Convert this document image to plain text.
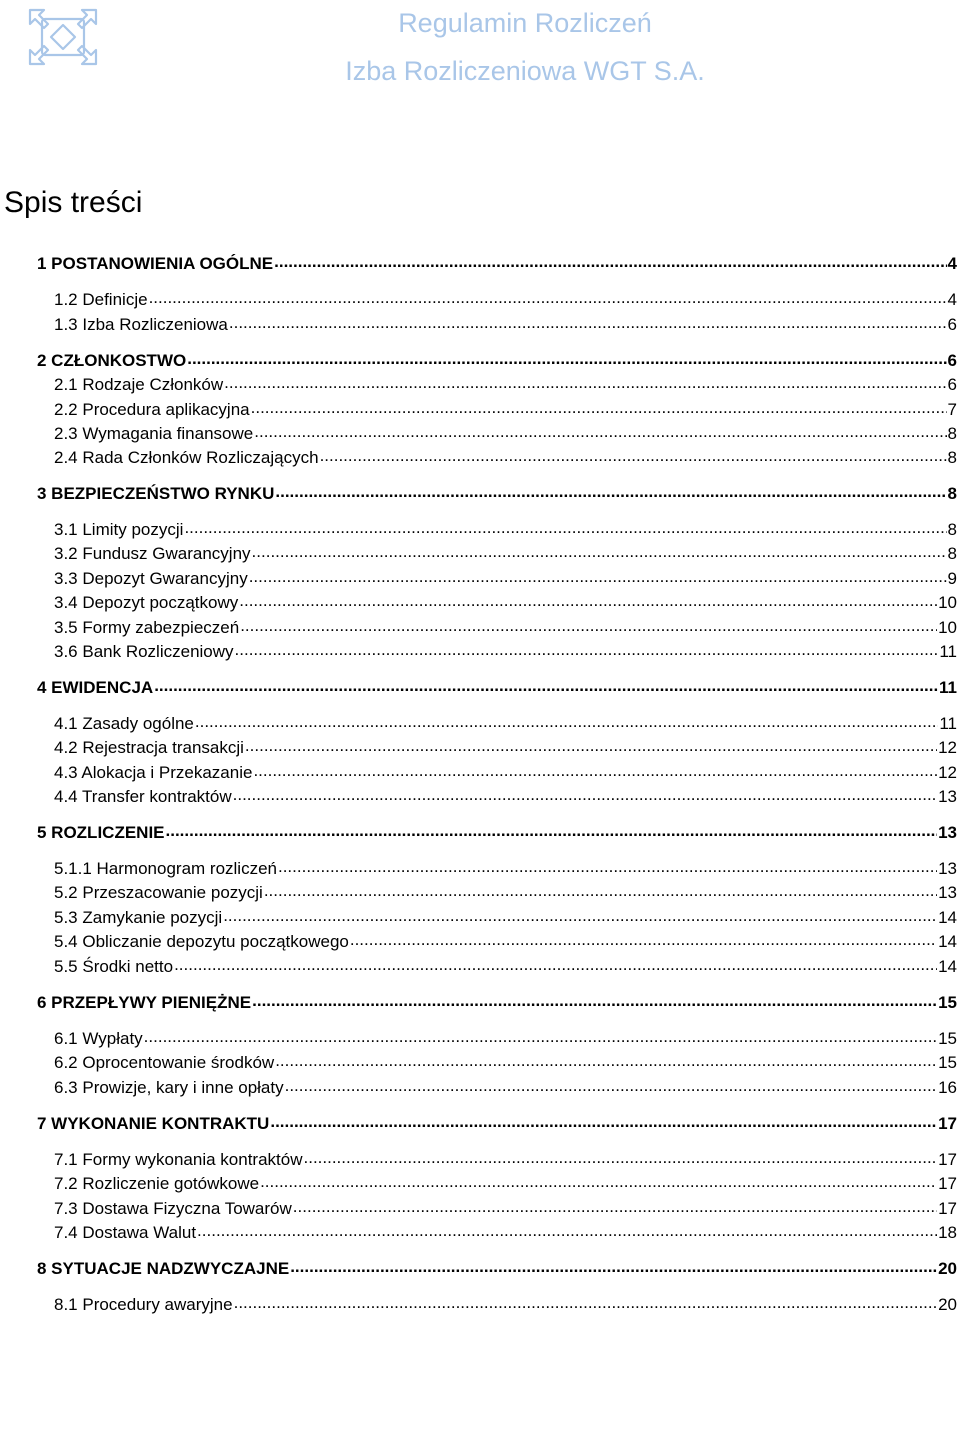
Regulamin Rozliczeń
Izba Rozliczeniowa WGT S.A.
Spis treści
1 POSTANOWIENIA OGÓLNE .....	4
1.2 Definicje .....	4
1.3 Izba Rozliczeniowa .....	6
2 CZŁONKOSTWO .....	6
2.1 Rodzaje Członków .....	6
2.2 Procedura aplikacyjna .....	7
2.3 Wymagania finansowe .....	8
2.4 Rada Członków Rozliczających .....	8
3 BEZPIECZEŃSTWO RYNKU .....	8
3.1 Limity pozycji .....	8
3.2 Fundusz Gwarancyjny .....	8
3.3 Depozyt Gwarancyjny .....	9
3.4 Depozyt początkowy .....	10
3.5 Formy zabezpieczeń .....	10
3.6 Bank Rozliczeniowy .....	11
4 EWIDENCJA .....	11
4.1 Zasady ogólne .....	11
4.2 Rejestracja transakcji .....	12
4.3 Alokacja i Przekazanie .....	12
4.4 Transfer kontraktów .....	13
5 ROZLICZENIE .....	13
5.1.1 Harmonogram rozliczeń .....	13
5.2 Przeszacowanie pozycji .....	13
5.3 Zamykanie pozycji .....	14
5.4 Obliczanie depozytu początkowego .....	14
5.5 Środki netto .....	14
6 PRZEPŁYWY PIENIĘŻNE .....	15
6.1 Wypłaty .....	15
6.2 Oprocentowanie środków .....	15
6.3 Prowizje, kary i inne opłaty .....	16
7 WYKONANIE KONTRAKTU .....	17
7.1 Formy wykonania kontraktów .....	17
7.2 Rozliczenie gotówkowe .....	17
7.3 Dostawa Fizyczna Towarów .....	17
7.4 Dostawa Walut .....	18
8 SYTUACJE NADZWYCZAJNE .....	20
8.1 Procedury awaryjne .....	20
